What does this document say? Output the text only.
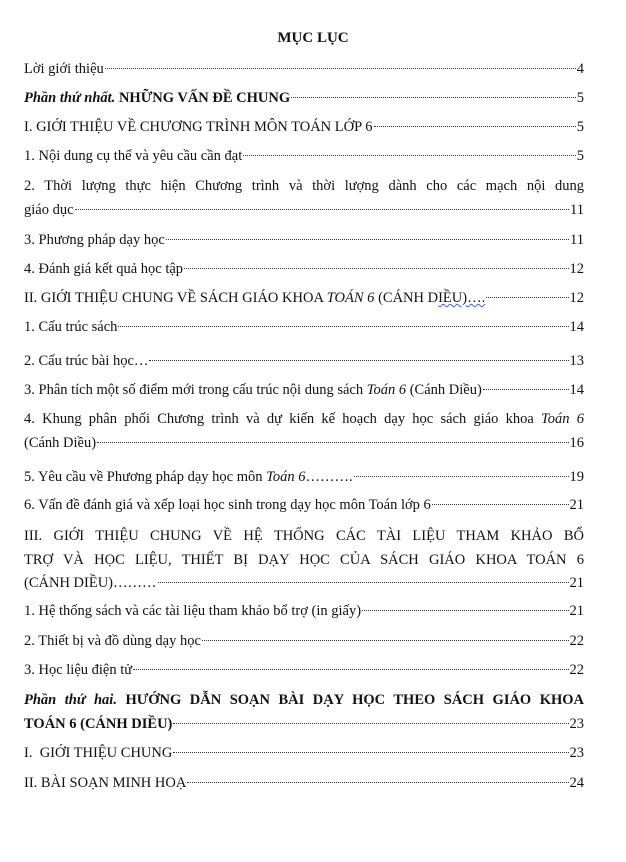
MỤC LỤC
Lời giới thiệu	4
Phần thứ nhất. NHỮNG VẤN ĐỀ CHUNG	5
I. GIỚI THIỆU VỀ CHƯƠNG TRÌNH MÔN TOÁN LỚP 6	5
1. Nội dung cụ thể và yêu cầu cần đạt	5
2. Thời lượng thực hiện Chương trình và thời lượng dành cho các mạch nội dung
giáo dục	11
3. Phương pháp dạy học	11
4. Đánh giá kết quả học tập	12
II. GIỚI THIỆU CHUNG VỀ SÁCH GIÁO KHOA TOÁN 6 (CÁNH D IỀU)….	12
1. Cấu trúc sách	14
2. Cấu trúc bài học…	13
3. Phân tích một số điểm mới trong cấu trúc nội dung sách Toán 6 (Cánh Diều)	14
4. Khung phân phối Chương trình và dự kiến kế hoạch dạy học sách giáo khoa Toán 6
(Cánh Diều)	16
5. Yêu cầu về Phương pháp dạy học môn Toán 6 ……….	19
6. Vấn đề đánh giá và xếp loại học sinh trong dạy học môn Toán lớp 6	21
III. GIỚI THIỆU CHUNG VỀ HỆ THỐNG CÁC TÀI LIỆU THAM KHẢO BỔ
TRỢ VÀ HỌC LIỆU, THIẾT BỊ DẠY HỌC CỦA SÁCH GIÁO KHOA TOÁN 6
(CÁNH DIỀU)………	21
1. Hệ thống sách và các tài liệu tham khảo bổ trợ (in giấy)	21
2. Thiết bị và đồ dùng dạy học	22
3. Học liệu điện tử	22
Phần thứ hai. HƯỚNG DẪN SOẠN BÀI DẠY HỌC THEO SÁCH GIÁO KHOA
TOÁN 6 (CÁNH DIỀU)	23
I.  GIỚI THIỆU CHUNG	23
II. BÀI SOẠN MINH HOẠ	24
